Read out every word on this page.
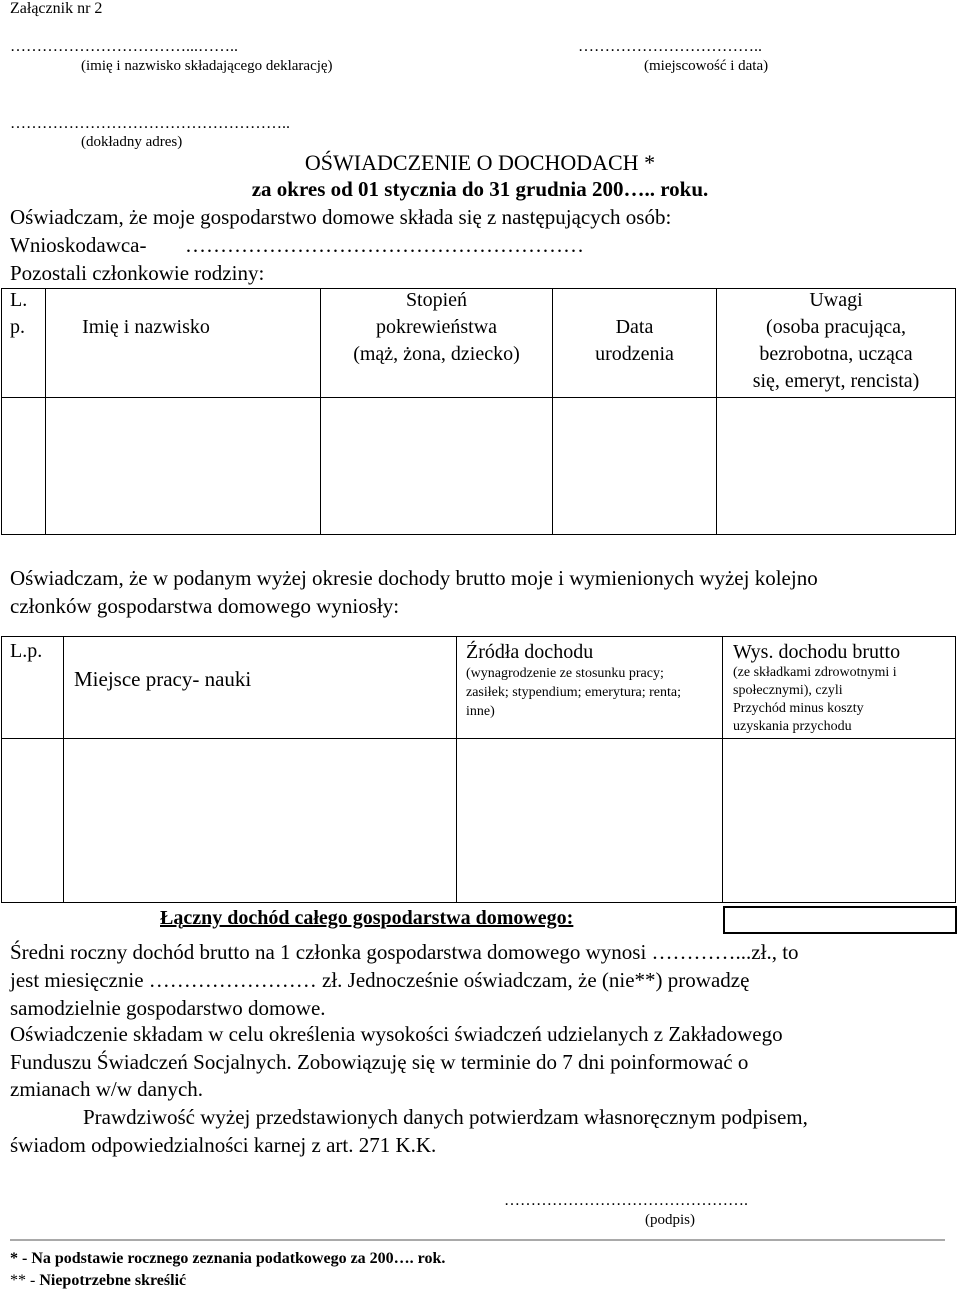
Załącznik nr 2
……………………………...……..
(imię i nazwisko składającego deklarację)
……………………………..
(miejscowość i data)
……………………………………………..
(dokładny adres)
OŚWIADCZENIE O DOCHODACH *
za okres od 01 stycznia do 31 grudnia 200….. roku.
Oświadczam, że moje gospodarstwo domowe składa się z następujących osób:
Wnioskodawca- …………………………………………………
Pozostali członkowie rodziny:
L.
p.	Imię i nazwisko
Stopień
pokrewieństwa
(mąż, żona, dziecko)
Data
urodzenia
Uwagi
(osoba pracująca,
bezrobotna, ucząca
się, emeryt, rencista)
Oświadczam, że w podanym wyżej okresie dochody brutto moje i wymienionych wyżej kolejno
członków gospodarstwa domowego wyniosły:
L.p.
Miejsce pracy- nauki
Źródła dochodu
(wynagrodzenie ze stosunku pracy;
zasiłek; stypendium; emerytura; renta;
inne)
Wys. dochodu brutto
(ze składkami zdrowotnymi i
społecznymi), czyli
Przychód minus koszty
uzyskania przychodu
Łączny dochód całego gospodarstwa domowego:
Średni roczny dochód brutto na 1 członka gospodarstwa domowego wynosi …………...zł., to
jest miesięcznie …………………… zł. Jednocześnie oświadczam, że (nie**) prowadzę
samodzielnie gospodarstwo domowe.
Oświadczenie składam w celu określenia wysokości świadczeń udzielanych z Zakładowego
Funduszu Świadczeń Socjalnych. Zobowiązuję się w terminie do 7 dni poinformować o
zmianach w/w danych.
Prawdziwość wyżej przedstawionych danych potwierdzam własnoręcznym podpisem,
świadom odpowiedzialności karnej z art. 271 K.K.
……………………………………….
(podpis)
* - Na podstawie rocznego zeznania podatkowego za 200…. rok.
** - Niepotrzebne skreślić
